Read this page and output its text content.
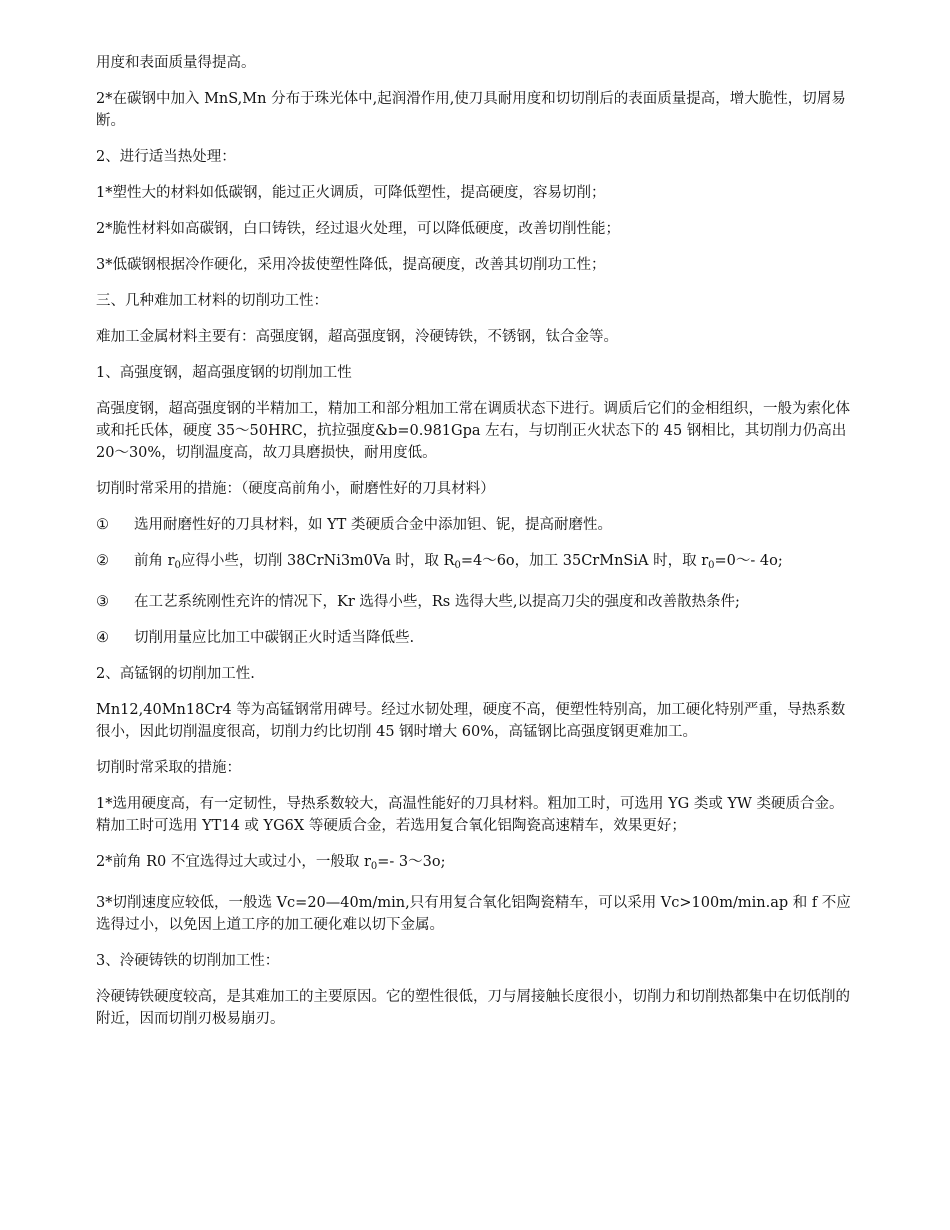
用度和表面质量得提高。

2*在碳钢中加入 MnS,Mn 分布于珠光体中,起润滑作用,使刀具耐用度和切切削后的表面质量提高，增大脆性，切屑易断。

2、进行适当热处理：

1*塑性大的材料如低碳钢，能过正火调质，可降低塑性，提高硬度，容易切削；

2*脆性材料如高碳钢，白口铸铁，经过退火处理，可以降低硬度，改善切削性能；

3*低碳钢根据冷作硬化，采用冷拔使塑性降低，提高硬度，改善其切削功工性；

三、几种难加工材料的切削功工性：

难加工金属材料主要有：高强度钢，超高强度钢，泠硬铸铁，不锈钢，钛合金等。

1、高强度钢，超高强度钢的切削加工性

高强度钢，超高强度钢的半精加工，精加工和部分粗加工常在调质状态下进行。调质后它们的金相组织，一般为索化体或和托氏体，硬度 35～50HRC，抗拉强度&b=0.981Gpa 左右，与切削正火状态下的 45 钢相比，其切削力仍高出 20～30%，切削温度高，故刀具磨损快，耐用度低。

切削时常采用的措施：（硬度高前角小，耐磨性好的刀具材料）

①	选用耐磨性好的刀具材料，如 YT 类硬质合金中添加钽、铌，提高耐磨性。
②	前角 $r_0$应得小些，切削 38CrNi3m0Va 时，取 $R_0=4\sim 6o$，加工 35CrMnSiA 时，取 $r_0=0\sim-$ 4o;
③	在工艺系统刚性充许的情况下，Kr 选得小些，Rs 选得大些,以提高刀尖的强度和改善散热条件;
④	切削用量应比加工中碳钢正火时适当降低些.

2、高锰钢的切削加工性.

Mn12,40Mn18Cr4 等为高锰钢常用碑号。经过水韧处理，硬度不高，便塑性特别高，加工硬化特别严重，导热系数很小，因此切削温度很高，切削力约比切削 45 钢时增大 60%，高锰钢比高强度钢更难加工。

切削时常采取的措施：

1*选用硬度高，有一定韧性，导热系数较大，高温性能好的刀具材料。粗加工时，可选用 YG 类或 YW 类硬质合金。精加工时可选用 YT14 或 YG6X 等硬质合金，若选用复合氧化铝陶瓷高速精车，效果更好；

2*前角 R0 不宜选得过大或过小，一般取 $r_0=-$ 3～3o;

3*切削速度应较低，一般选 Vc=20—40m/min,只有用复合氧化铝陶瓷精车，可以采用 Vc>100m/min.ap 和 f 不应选得过小，以免因上道工序的加工硬化难以切下金属。

3、泠硬铸铁的切削加工性：

泠硬铸铁硬度较高，是其难加工的主要原因。它的塑性很低，刀与屑接触长度很小，切削力和切削热都集中在切低削的附近，因而切削刃极易崩刃。
